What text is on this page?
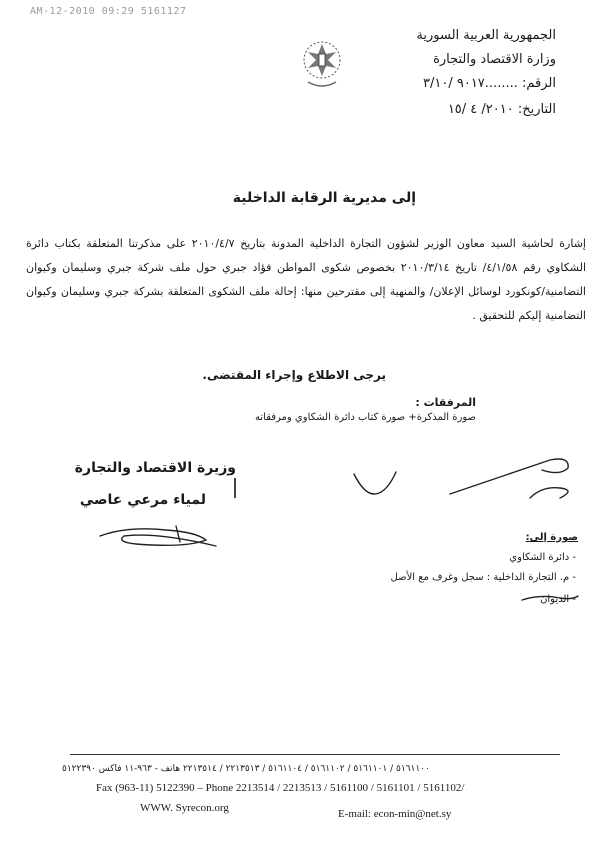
AM-12-2010 09:29 5161127
الجمهورية العربية السورية
وزارة الاقتصاد والتجارة
الرقم: ........٩٠١٧ /٣/١٠
التاريخ: ٢٠١٠/ ٤ /١٥
إلى مديرية الرقابة الداخلية
إشارة لحاشية السيد معاون الوزير لشؤون التجارة الداخلية المدونة بتاريخ ٢٠١٠/٤/٧ على مذكرتنا المتعلقة بكتاب دائرة الشكاوي رقم ٤/١/٥٨/ تاريخ ٢٠١٠/٣/١٤ بخصوص شكوى المواطن فؤاد جبري حول ملف شركة جبري وسليمان وكيوان التضامنية/كونكورد لوسائل الإعلان/ والمنهية إلى مقترحين منها: إحالة ملف الشكوى المتعلقة بشركة جبري وسليمان وكيوان التضامنية إليكم للتحقيق .
يرجى الاطلاع وإجراء المقتضى.
المرفقات :
صورة المذكرة+ صورة كتاب دائرة الشكاوي ومرفقاته
وزيرة الاقتصاد والتجارة
لمياء مرعي عاصي
صورة إلى:
- دائرة الشكاوي
- م. التجارة الداخلية : سجل وغرف مع الأصل
- الديوان
٥١٦١١٠٠ / ٥١٦١١٠١ / ٥١٦١١٠٢ / ٥١٦١١٠٤ / ٢٢١٣٥١٣ / ٢٢١٣٥١٤ هاتف - ٩٦٣-١١ فاكس ٥١٢٢٣٩٠
Fax (963-11) 5122390 – Phone 2213514 / 2213513 / 5161100 / 5161101 / 5161102/
WWW. Syrecon.org	E-mail: econ-min@net.sy
